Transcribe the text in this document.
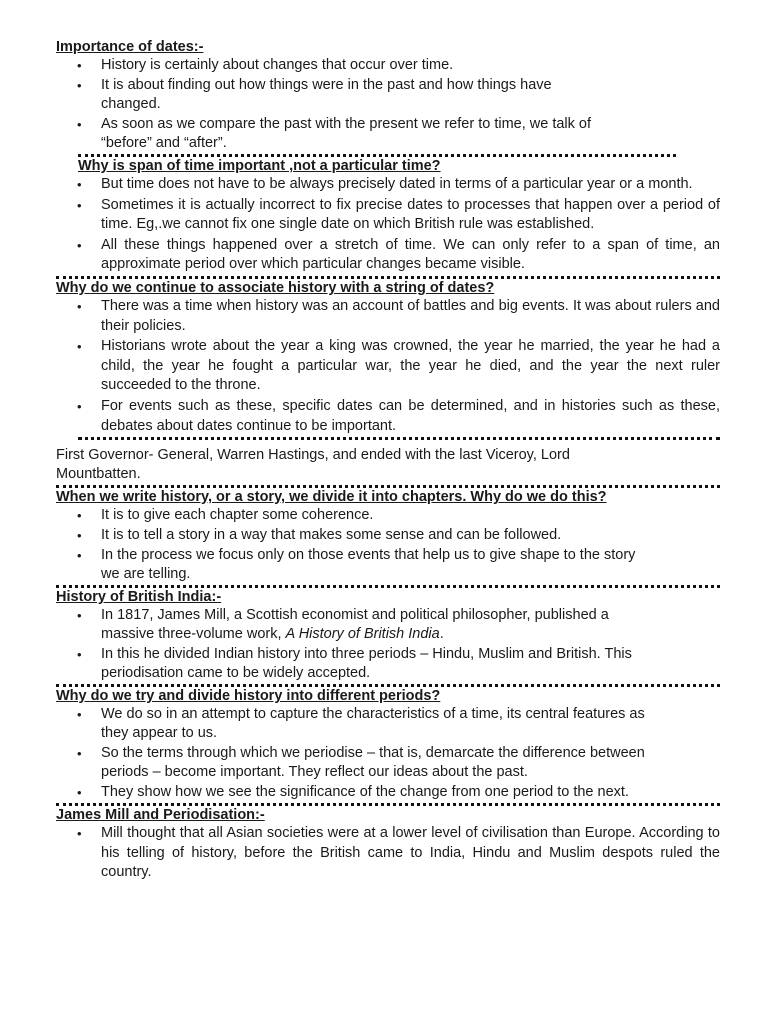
Importance of dates:-

• History is certainly about changes that occur over time.
• It is about finding out how things were in the past and how things have
changed.
• As soon as we compare the past with the present we refer to time, we talk of
“before” and “after”.

Why is span of time important ,not a particular time?

• But time does not have to be always precisely dated in terms of a particular year or a month.
• Sometimes it is actually incorrect to fix precise dates to processes that happen over a period of time. Eg,.we cannot fix one single date on which British rule was established.
• All these things happened over a stretch of time. We can only refer to a span of time, an approximate period over which particular changes became visible.

Why do we continue to associate history with a string of dates?

• There was a time when history was an account of battles and big events. It was about rulers and their policies.
• Historians wrote about the year a king was crowned, the year he married, the year he had a child, the year he fought a particular war, the year he died, and the year the next ruler succeeded to the throne.
• For events such as these, specific dates can be determined, and in histories such as these, debates about dates continue to be important.

First Governor- General, Warren Hastings, and ended with the last Viceroy, Lord
Mountbatten.

When we write history, or a story, we divide it into chapters. Why do we do this?

• It is to give each chapter some coherence.
• It is to tell a story in a way that makes some sense and can be followed.
• In the process we focus only on those events that help us to give shape to the story
we are telling.

History of British India:-

• In 1817, James Mill, a Scottish economist and political philosopher, published a
massive three-volume work, A History of British India.
• In this he divided Indian history into three periods – Hindu, Muslim and British. This
periodisation came to be widely accepted.

Why do we try and divide history into different periods?

• We do so in an attempt to capture the characteristics of a time, its central features as
they appear to us.
• So the terms through which we periodise – that is, demarcate the difference between
periods – become important. They reflect our ideas about the past.
• They show how we see the significance of the change from one period to the next.

James Mill and Periodisation:-

• Mill thought that all Asian societies were at a lower level of civilisation than Europe. According to his telling of history, before the British came to India, Hindu and Muslim despots ruled the country.
